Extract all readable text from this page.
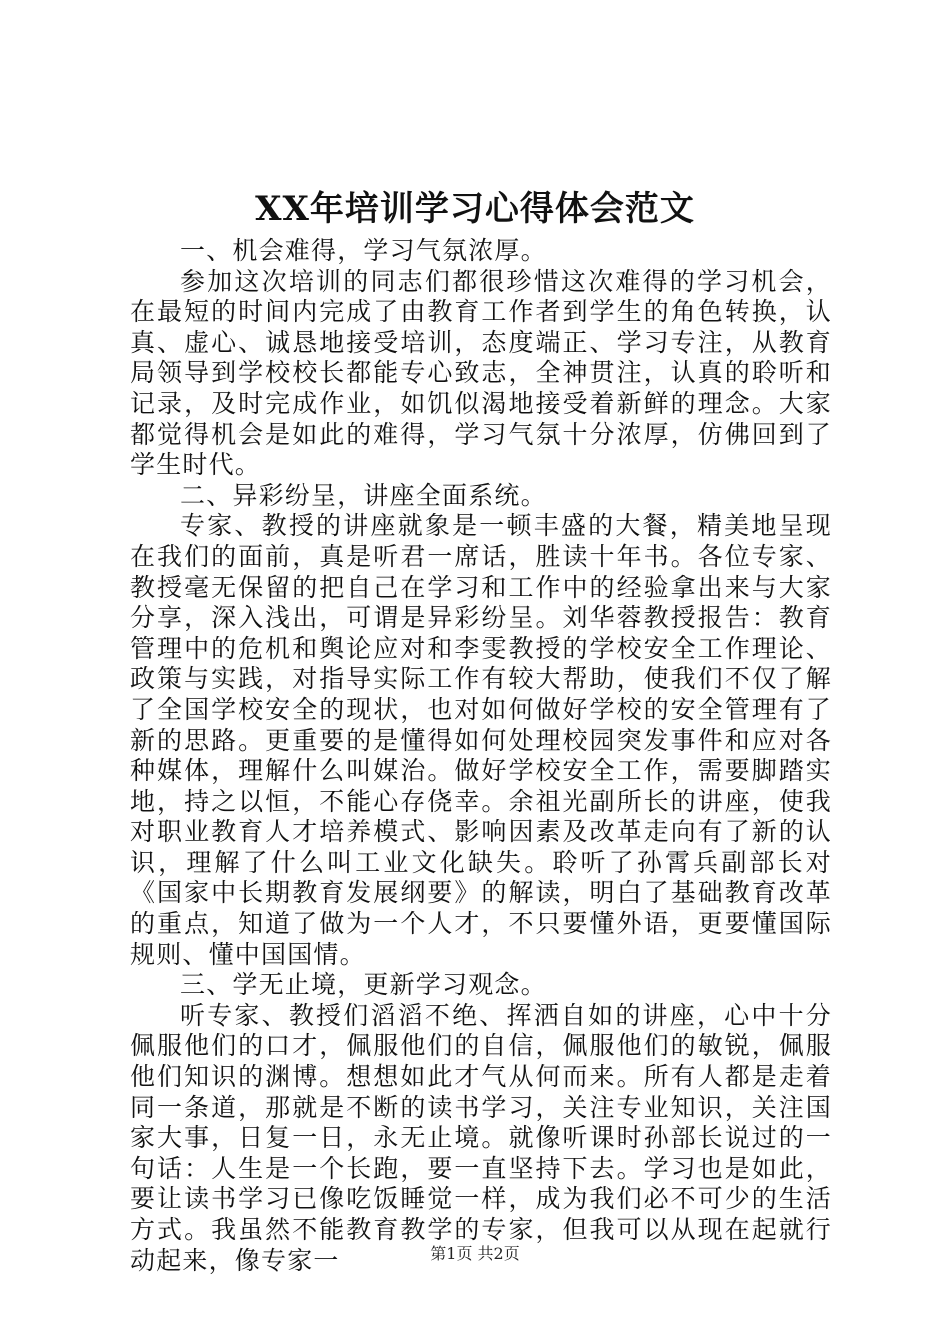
XX年培训学习心得体会范文

一、机会难得，学习气氛浓厚。

参加这次培训的同志们都很珍惜这次难得的学习机会，在最短的时间内完成了由教育工作者到学生的角色转换，认真、虚心、诚恳地接受培训，态度端正、学习专注，从教育局领导到学校校长都能专心致志，全神贯注，认真的聆听和记录，及时完成作业，如饥似渴地接受着新鲜的理念。大家都觉得机会是如此的难得，学习气氛十分浓厚，仿佛回到了学生时代。

二、异彩纷呈，讲座全面系统。

专家、教授的讲座就象是一顿丰盛的大餐，精美地呈现在我们的面前，真是听君一席话，胜读十年书。各位专家、教授毫无保留的把自己在学习和工作中的经验拿出来与大家分享，深入浅出，可谓是异彩纷呈。刘华蓉教授报告：教育管理中的危机和舆论应对和李雯教授的学校安全工作理论、政策与实践，对指导实际工作有较大帮助，使我们不仅了解了全国学校安全的现状，也对如何做好学校的安全管理有了新的思路。更重要的是懂得如何处理校园突发事件和应对各种媒体，理解什么叫媒治。做好学校安全工作，需要脚踏实地，持之以恒，不能心存侥幸。余祖光副所长的讲座，使我对职业教育人才培养模式、影响因素及改革走向有了新的认识，理解了什么叫工业文化缺失。聆听了孙霄兵副部长对《国家中长期教育发展纲要》的解读，明白了基础教育改革的重点，知道了做为一个人才，不只要懂外语，更要懂国际规则、懂中国国情。

三、学无止境，更新学习观念。

听专家、教授们滔滔不绝、挥洒自如的讲座，心中十分佩服他们的口才，佩服他们的自信，佩服他们的敏锐，佩服他们知识的渊博。想想如此才气从何而来。所有人都是走着同一条道，那就是不断的读书学习，关注专业知识，关注国家大事，日复一日，永无止境。就像听课时孙部长说过的一句话：人生是一个长跑，要一直坚持下去。学习也是如此，要让读书学习已像吃饭睡觉一样，成为我们必不可少的生活方式。我虽然不能教育教学的专家，但我可以从现在起就行动起来，像专家一	第1页 共2页
